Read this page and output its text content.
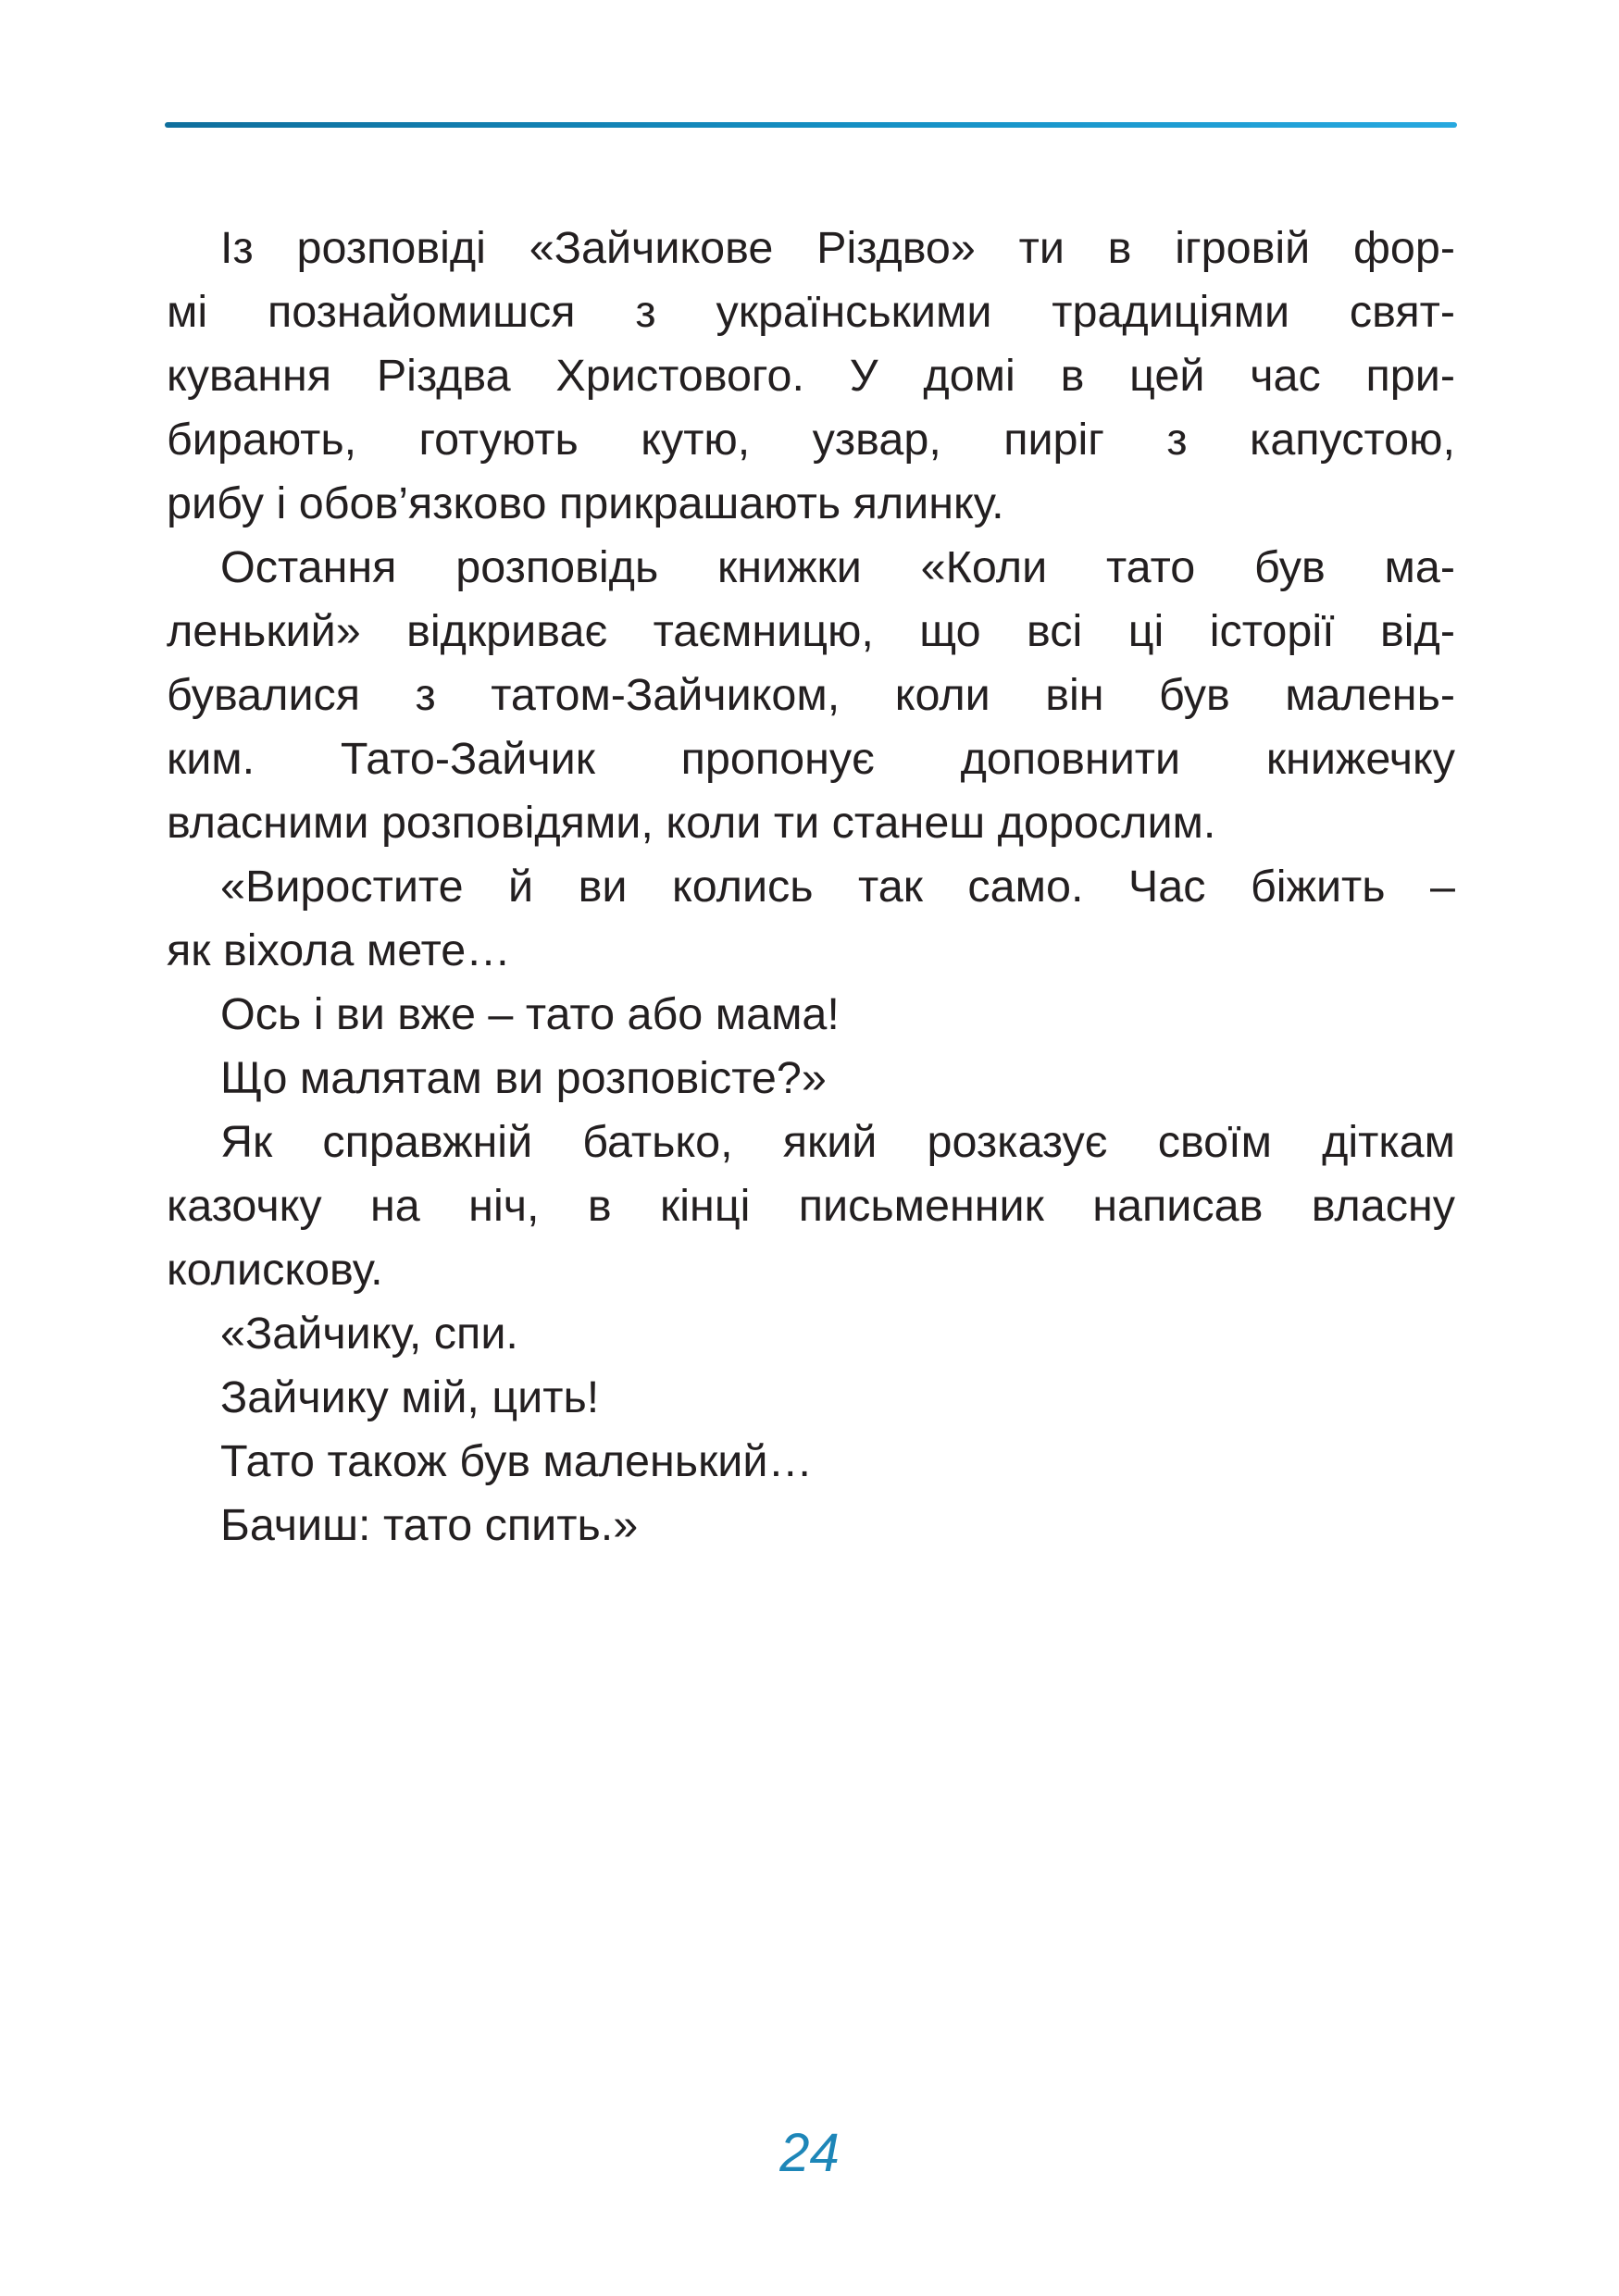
Із розповіді «Зайчикове Різдво» ти в ігровій фор-
мі познайомишся з українськими традиціями свят-
кування Різдва Христового. У домі в цей час при-
бирають, готують кутю, узвар, пиріг з капустою,
рибу і обов’язково прикрашають ялинку.
Остання розповідь книжки «Коли тато був ма-
ленький» відкриває таємницю, що всі ці історії від-
бувалися з татом-Зайчиком, коли він був малень-
ким. Тато-Зайчик пропонує доповнити книжечку
власними розповідями, коли ти станеш дорослим.
«Виростите й ви колись так само. Час біжить –
як віхола мете…
Ось і ви вже – тато або мама!
Що малятам ви розповісте?»
Як справжній батько, який розказує своїм діткам
казочку на ніч, в кінці письменник написав власну
колискову.
«Зайчику, спи.
Зайчику мій, цить!
Тато також був маленький…
Бачиш: тато спить.»
24
